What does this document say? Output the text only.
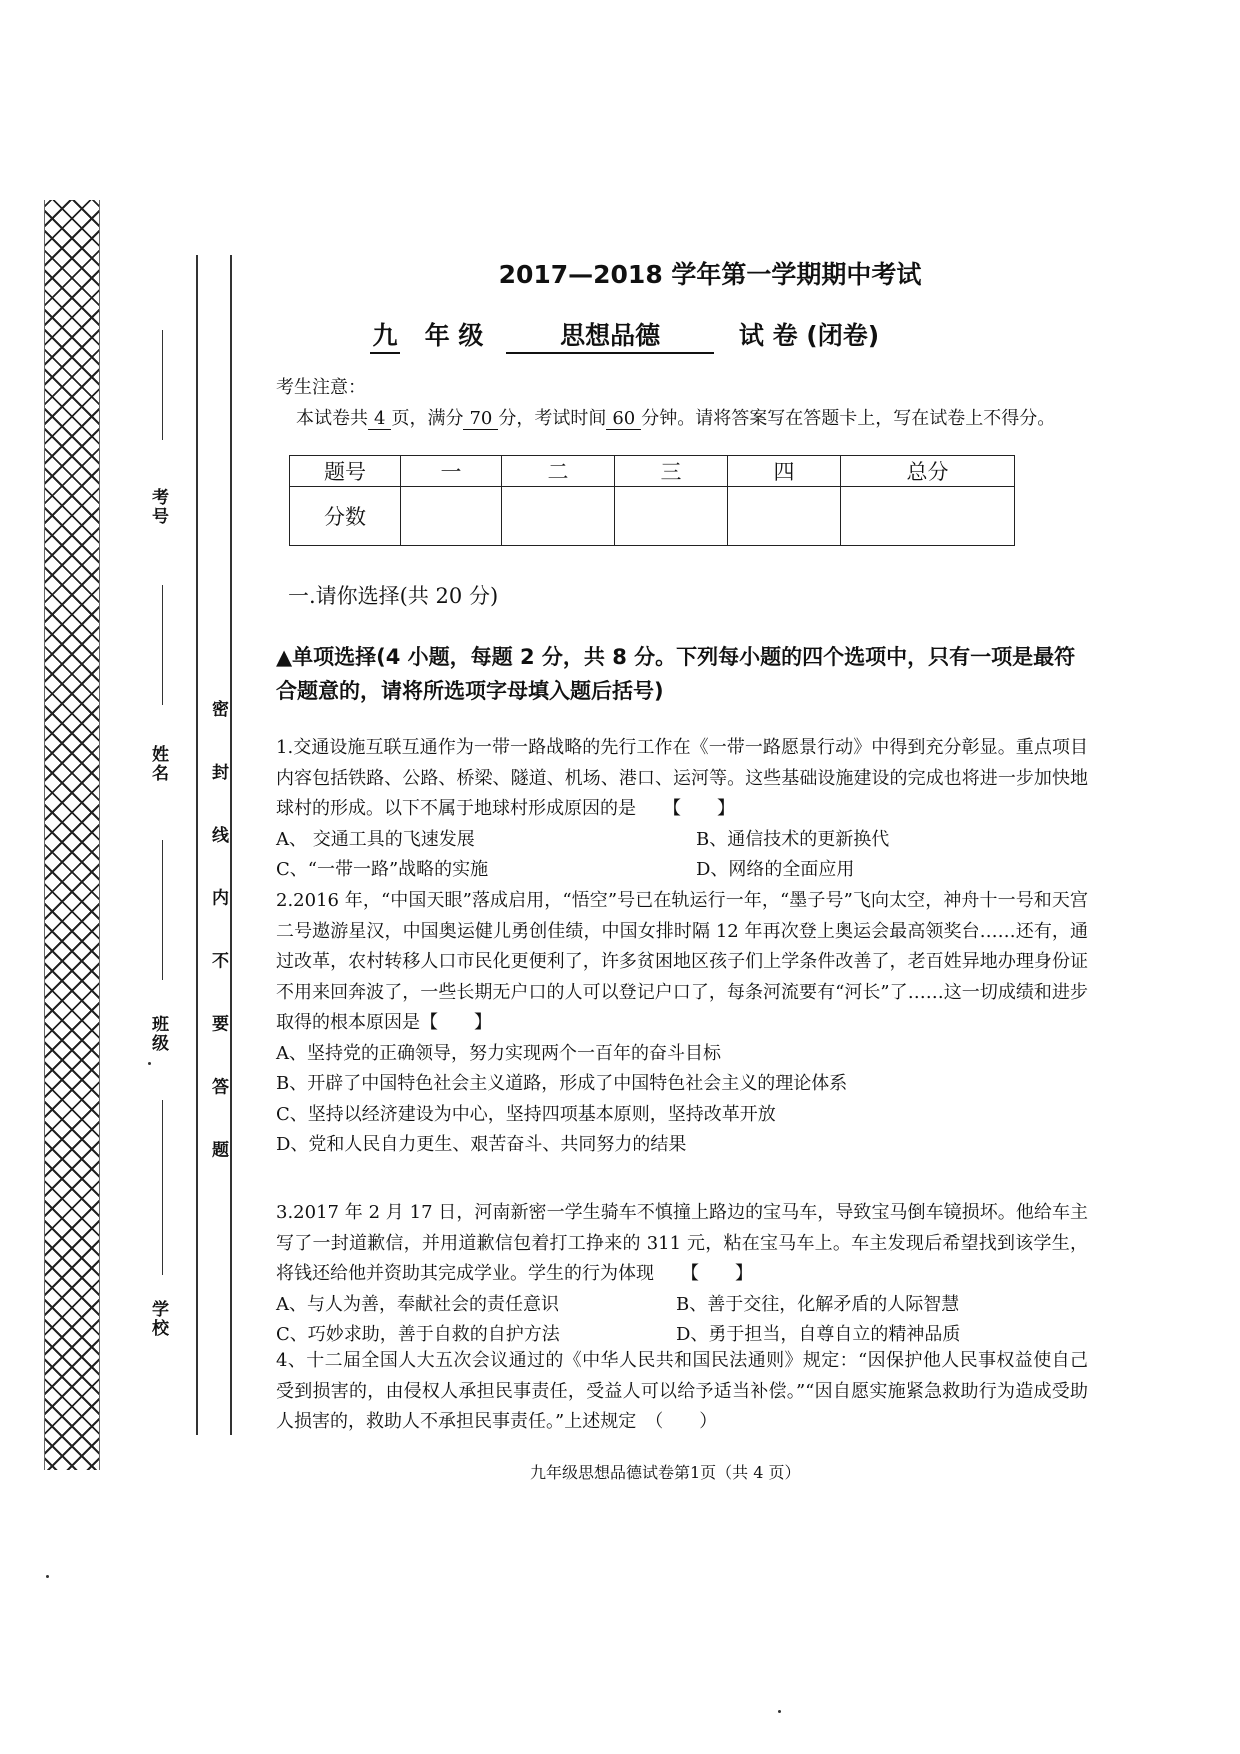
考号
姓名
班级
学校
密 封 线 内 不 要 答 题
2017—2018 学年第一学期期中考试
九 年 级	思想品德	试 卷 (闭卷)
考生注意：
本试卷共 4 页，满分 70 分，考试时间 60 分钟。请将答案写在答题卡上，写在试卷上不得分。
题号	一	二	三	四	总分
分数					
一.请你选择(共 20 分)
▲单项选择(4 小题，每题 2 分，共 8 分。下列每小题的四个选项中，只有一项是最符合题意的，请将所选项字母填入题后括号)
1.交通设施互联互通作为一带一路战略的先行工作在《一带一路愿景行动》中得到充分彰显。重点项目内容包括铁路、公路、桥梁、隧道、机场、港口、运河等。这些基础设施建设的完成也将进一步加快地球村的形成。以下不属于地球村形成原因的是　　【　　】
A、 交通工具的飞速发展	B、通信技术的更新换代
C、“一带一路”战略的实施	D、网络的全面应用
2.2016 年，“中国天眼”落成启用，“悟空”号已在轨运行一年，“墨子号”飞向太空，神舟十一号和天宫二号遨游星汉，中国奥运健儿勇创佳绩，中国女排时隔 12 年再次登上奥运会最高领奖台……还有，通过改革，农村转移人口市民化更便利了，许多贫困地区孩子们上学条件改善了，老百姓异地办理身份证不用来回奔波了，一些长期无户口的人可以登记户口了，每条河流要有“河长”了……这一切成绩和进步取得的根本原因是【　　】
A、坚持党的正确领导，努力实现两个一百年的奋斗目标
B、开辟了中国特色社会主义道路，形成了中国特色社会主义的理论体系
C、坚持以经济建设为中心，坚持四项基本原则，坚持改革开放
D、党和人民自力更生、艰苦奋斗、共同努力的结果
3.2017 年 2 月 17 日，河南新密一学生骑车不慎撞上路边的宝马车，导致宝马倒车镜损坏。他给车主写了一封道歉信，并用道歉信包着打工挣来的 311 元，粘在宝马车上。车主发现后希望找到该学生，将钱还给他并资助其完成学业。学生的行为体现　　【　　】
A、与人为善，奉献社会的责任意识	B、善于交往，化解矛盾的人际智慧
C、巧妙求助，善于自救的自护方法	D、勇于担当，自尊自立的精神品质
4、十二届全国人大五次会议通过的《中华人民共和国民法通则》规定：“因保护他人民事权益使自己受到损害的，由侵权人承担民事责任，受益人可以给予适当补偿。”“因自愿实施紧急救助行为造成受助人损害的，救助人不承担民事责任。”上述规定　（　　）
九年级思想品德试卷第1页（共 4 页）
